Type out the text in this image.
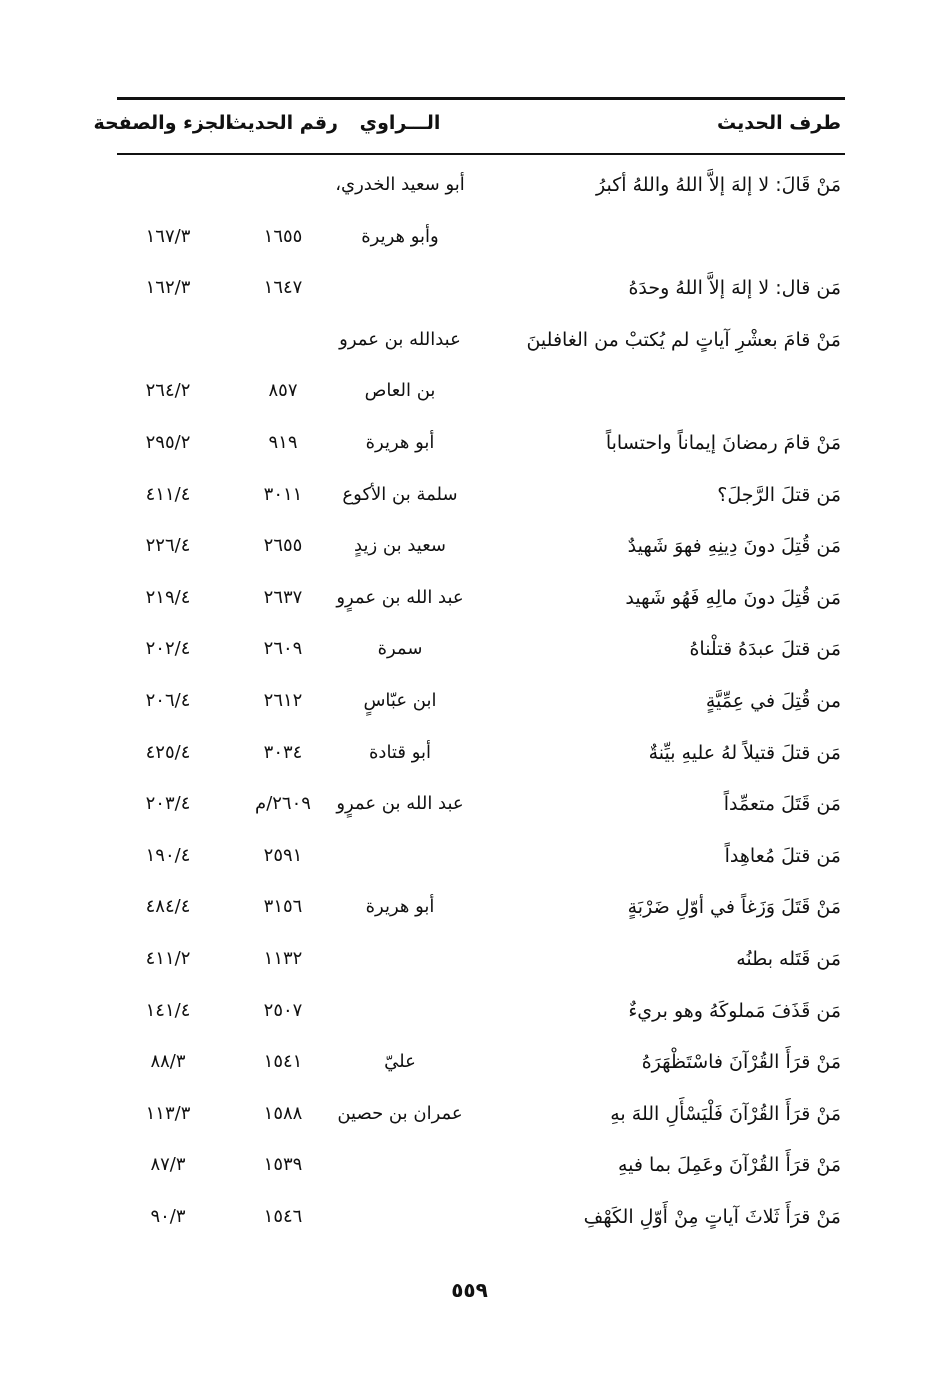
طرف الحديث
الـــراوي
رقم الحديث
الجزء والصفحة
مَنْ قَالَ: لا إلهَ إلاَّ اللهُ واللهُ أكبرُ
أبو سعيد الخدري،
وأبو هريرة
١٦٥٥
١٦٧/٣
مَن قال: لا إلهَ إلاَّ اللهُ وحدَهُ
١٦٤٧
١٦٢/٣
مَنْ قامَ بعشْرِ آياتٍ لم يُكتبْ من الغافلينَ
عبدالله بن عمرو
بن العاص
٨٥٧
٢٦٤/٢
مَنْ قامَ رمضانَ إيماناً واحتساباً
أبو هريرة
٩١٩
٢٩٥/٢
مَن قتلَ الرَّجلَ؟
سلمة بن الأكوع
٣٠١١
٤١١/٤
مَن قُتِلَ دونَ دِينِهِ فهوَ شَهيدٌ
سعيد بن زيدٍ
٢٦٥٥
٢٢٦/٤
مَن قُتِلَ دونَ مالِهِ فَهُو شَهيد
عبد الله بن عمرٍو
٢٦٣٧
٢١٩/٤
مَن قتلَ عبدَهُ قتلْناهُ
سمرة
٢٦٠٩
٢٠٢/٤
من قُتِلَ في عِمِّيَّةٍ
ابن عبّاسٍ
٢٦١٢
٢٠٦/٤
مَن قتلَ قتيلاً لهُ عليهِ بيِّنةٌ
أبو قتادة
٣٠٣٤
٤٢٥/٤
مَن قَتَلَ متعمِّداً
عبد الله بن عمرٍو
٢٦٠٩/م
٢٠٣/٤
مَن قتلَ مُعاهِداً
٢٥٩١
١٩٠/٤
مَنْ قَتَلَ وَزَغاً في أوّلِ ضَرْبَةٍ
أبو هريرة
٣١٥٦
٤٨٤/٤
مَن قَتَله بطنُه
١١٣٢
٤١١/٢
مَن قَذَفَ مَملوكَهُ وهو بريءٌ
٢٥٠٧
١٤١/٤
مَنْ قرَأَ القُرْآنَ فاسْتَظْهَرَهُ
عليّ
١٥٤١
٨٨/٣
مَنْ قرَأَ القُرْآنَ فَلْيَسْأَلِ اللهَ بهِ
عمران بن حصين
١٥٨٨
١١٣/٣
مَنْ قرَأَ القُرْآنَ وعَمِلَ بما فيهِ
١٥٣٩
٨٧/٣
مَنْ قرَأَ ثَلاثَ آياتٍ مِنْ أَوّلِ الكَهْفِ
١٥٤٦
٩٠/٣
٥٥٩
